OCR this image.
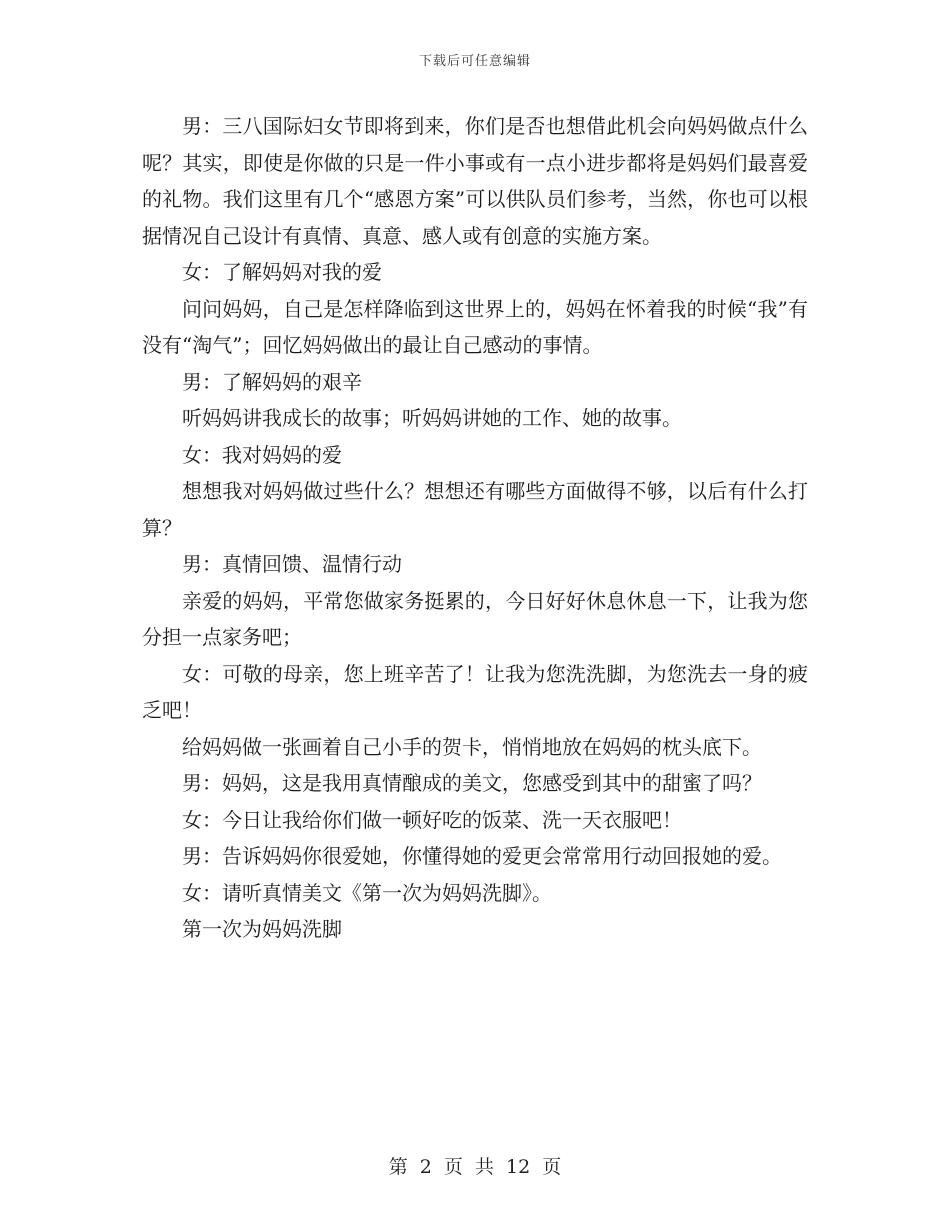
下载后可任意编辑

男：三八国际妇女节即将到来，你们是否也想借此机会向妈妈做点什么呢？其实，即使是你做的只是一件小事或有一点小进步都将是妈妈们最喜爱的礼物。我们这里有几个“感恩方案”可以供队员们参考，当然，你也可以根据情况自己设计有真情、真意、感人或有创意的实施方案。

女：了解妈妈对我的爱

问问妈妈，自己是怎样降临到这世界上的，妈妈在怀着我的时候“我”有没有“淘气”；回忆妈妈做出的最让自己感动的事情。

男：了解妈妈的艰辛

听妈妈讲我成长的故事；听妈妈讲她的工作、她的故事。

女：我对妈妈的爱

想想我对妈妈做过些什么？想想还有哪些方面做得不够，以后有什么打算？

男：真情回馈、温情行动

亲爱的妈妈，平常您做家务挺累的，今日好好休息休息一下，让我为您分担一点家务吧；

女：可敬的母亲，您上班辛苦了！让我为您洗洗脚，为您洗去一身的疲乏吧！

给妈妈做一张画着自己小手的贺卡，悄悄地放在妈妈的枕头底下。

男：妈妈，这是我用真情酿成的美文，您感受到其中的甜蜜了吗？

女：今日让我给你们做一顿好吃的饭菜、洗一天衣服吧！

男：告诉妈妈你很爱她，你懂得她的爱更会常常用行动回报她的爱。

女：请听真情美文《第一次为妈妈洗脚》。

第一次为妈妈洗脚

第 2 页 共 12 页
